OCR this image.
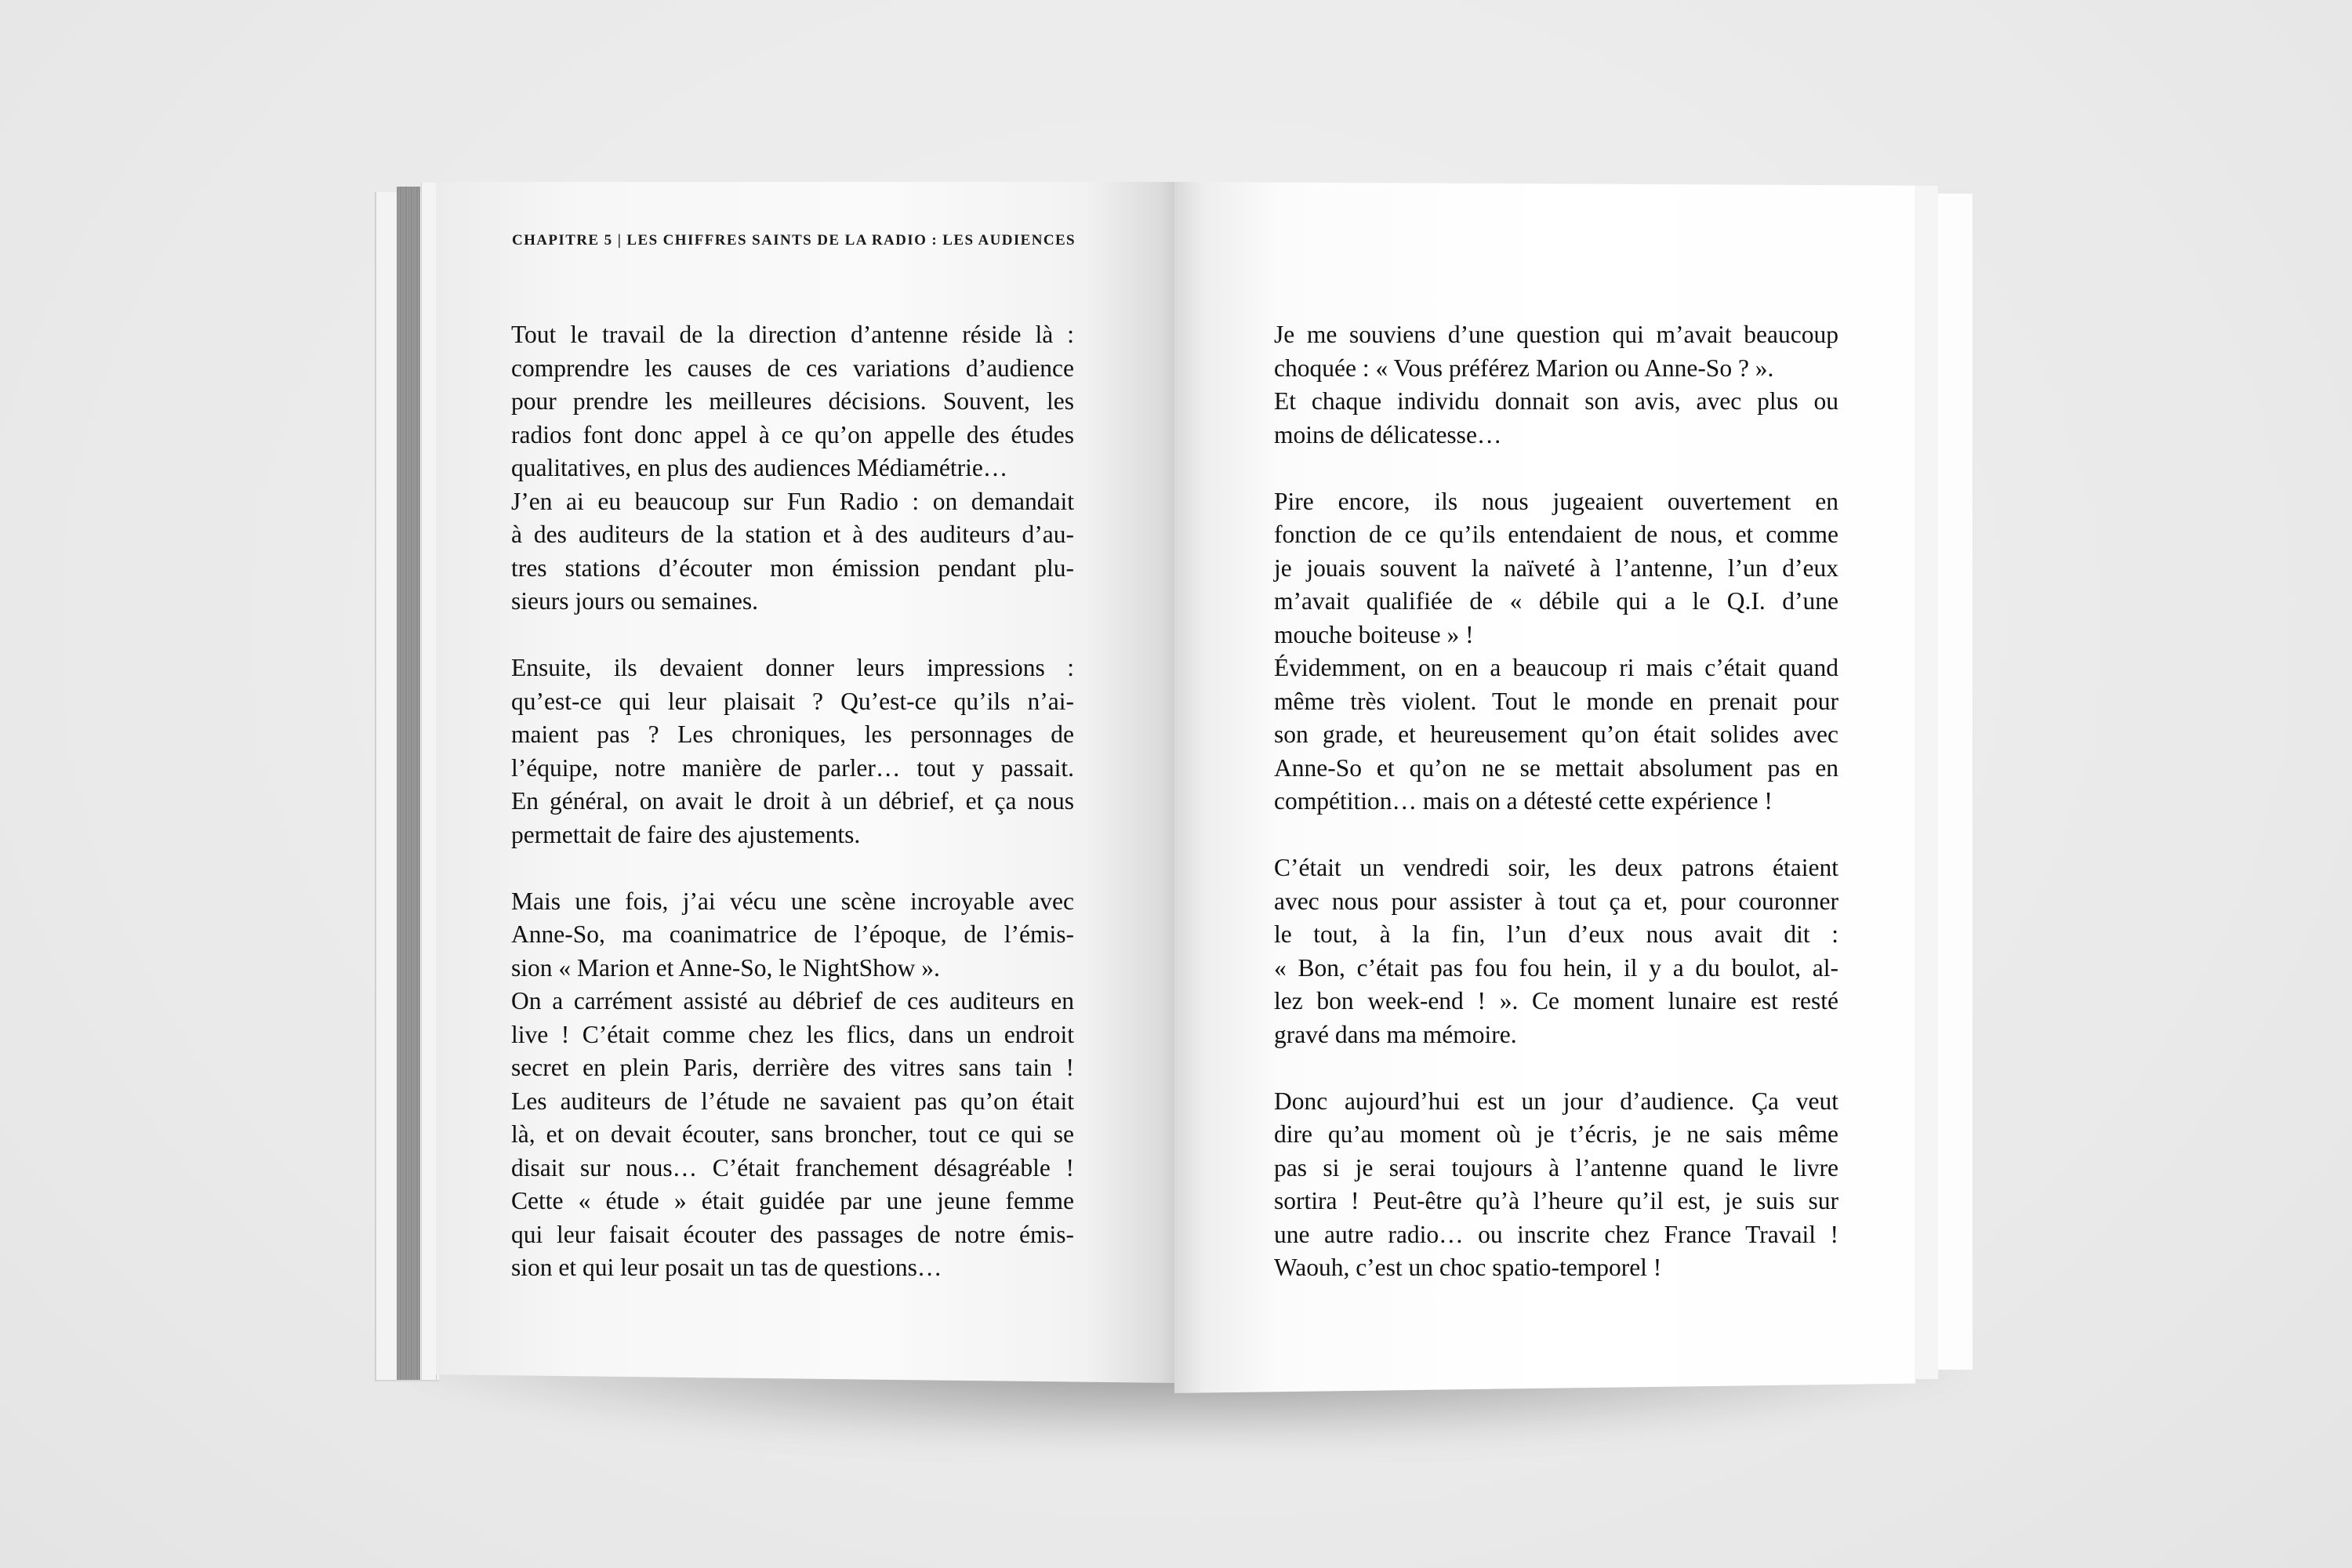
CHAPITRE 5 | LES CHIFFRES SAINTS DE LA RADIO : LES AUDIENCES

Tout le travail de la direction d’antenne réside là :
comprendre les causes de ces variations d’audience
pour prendre les meilleures décisions. Souvent, les
radios font donc appel à ce qu’on appelle des études
qualitatives, en plus des audiences Médiamétrie…
J’en ai eu beaucoup sur Fun Radio : on demandait
à des auditeurs de la station et à des auditeurs d’au-
tres stations d’écouter mon émission pendant plu-
sieurs jours ou semaines.

Ensuite, ils devaient donner leurs impressions :
qu’est-ce qui leur plaisait ? Qu’est-ce qu’ils n’ai-
maient pas ? Les chroniques, les personnages de
l’équipe, notre manière de parler… tout y passait.
En général, on avait le droit à un débrief, et ça nous
permettait de faire des ajustements.

Mais une fois, j’ai vécu une scène incroyable avec
Anne-So, ma coanimatrice de l’époque, de l’émis-
sion « Marion et Anne-So, le NightShow ».
On a carrément assisté au débrief de ces auditeurs en
live ! C’était comme chez les flics, dans un endroit
secret en plein Paris, derrière des vitres sans tain !
Les auditeurs de l’étude ne savaient pas qu’on était
là, et on devait écouter, sans broncher, tout ce qui se
disait sur nous… C’était franchement désagréable !
Cette « étude » était guidée par une jeune femme
qui leur faisait écouter des passages de notre émis-
sion et qui leur posait un tas de questions…

Je me souviens d’une question qui m’avait beaucoup
choquée : « Vous préférez Marion ou Anne-So ? ».
Et chaque individu donnait son avis, avec plus ou
moins de délicatesse…

Pire encore, ils nous jugeaient ouvertement en
fonction de ce qu’ils entendaient de nous, et comme
je jouais souvent la naïveté à l’antenne, l’un d’eux
m’avait qualifiée de « débile qui a le Q.I. d’une
mouche boiteuse » !
Évidemment, on en a beaucoup ri mais c’était quand
même très violent. Tout le monde en prenait pour
son grade, et heureusement qu’on était solides avec
Anne-So et qu’on ne se mettait absolument pas en
compétition… mais on a détesté cette expérience !

C’était un vendredi soir, les deux patrons étaient
avec nous pour assister à tout ça et, pour couronner
le tout, à la fin, l’un d’eux nous avait dit :
« Bon, c’était pas fou fou hein, il y a du boulot, al-
lez bon week-end ! ». Ce moment lunaire est resté
gravé dans ma mémoire.

Donc aujourd’hui est un jour d’audience. Ça veut
dire qu’au moment où je t’écris, je ne sais même
pas si je serai toujours à l’antenne quand le livre
sortira ! Peut-être qu’à l’heure qu’il est, je suis sur
une autre radio… ou inscrite chez France Travail !
Waouh, c’est un choc spatio-temporel !
